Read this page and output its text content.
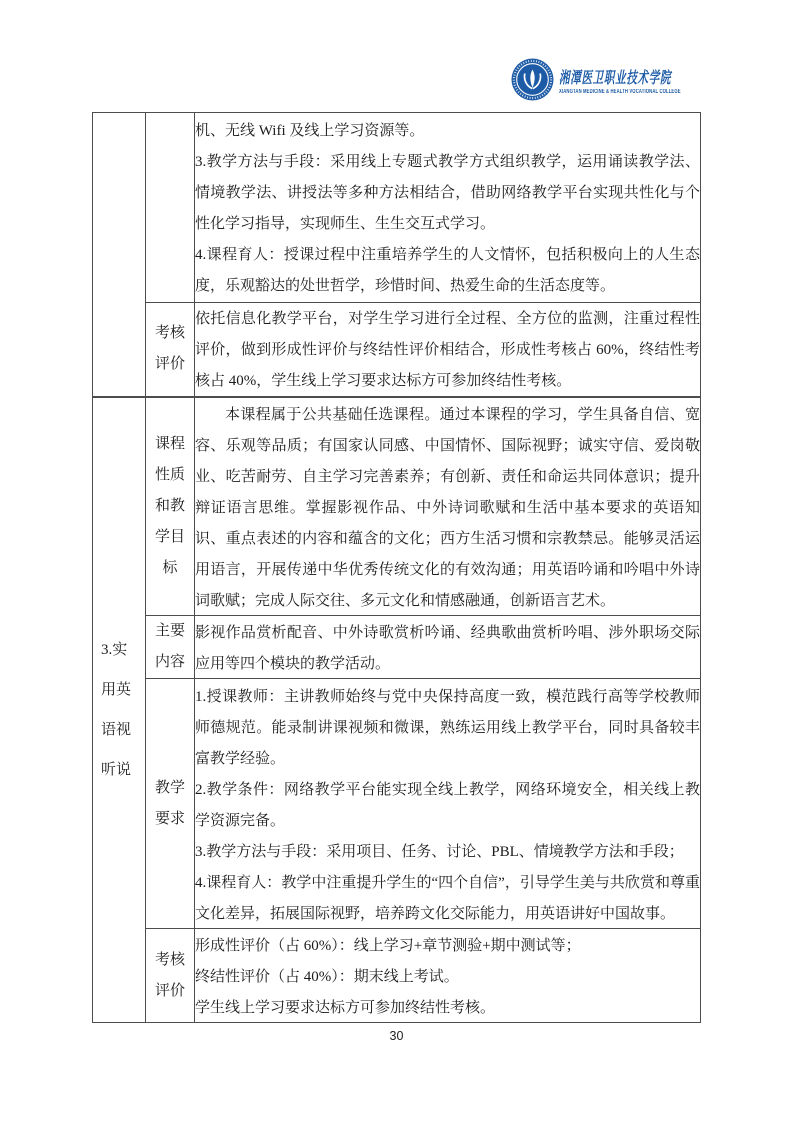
湘潭医卫职业技术学院
XIANGTAN MEDICINE & HEALTH VOCATIONAL COLLEGE

		机、无线 Wifi 及线上学习资源等。

3.教学方法与手段：采用线上专题式教学方式组织教学，运用诵读教学法、情境教学法、讲授法等多种方法相结合，借助网络教学平台实现共性化与个性化学习指导，实现师生、生生交互式学习。

4.课程育人：授课过程中注重培养学生的人文情怀，包括积极向上的人生态度，乐观豁达的处世哲学，珍惜时间、热爱生命的生活态度等。

	考核评价	依托信息化教学平台，对学生学习进行全过程、全方位的监测，注重过程性评价，做到形成性评价与终结性评价相结合，形成性考核占 60%，终结性考核占 40%，学生线上学习要求达标方可参加终结性考核。

3.实用英语视听说	课程性质和教学目标	本课程属于公共基础任选课程。通过本课程的学习，学生具备自信、宽容、乐观等品质；有国家认同感、中国情怀、国际视野；诚实守信、爱岗敬业、吃苦耐劳、自主学习完善素养；有创新、责任和命运共同体意识；提升辩证语言思维。掌握影视作品、中外诗词歌赋和生活中基本要求的英语知识、重点表述的内容和蕴含的文化；西方生活习惯和宗教禁忌。能够灵活运用语言，开展传递中华优秀传统文化的有效沟通；用英语吟诵和吟唱中外诗词歌赋；完成人际交往、多元文化和情感融通，创新语言艺术。

	主要内容	影视作品赏析配音、中外诗歌赏析吟诵、经典歌曲赏析吟唱、涉外职场交际应用等四个模块的教学活动。

	教学要求	1.授课教师：主讲教师始终与党中央保持高度一致，模范践行高等学校教师师德规范。能录制讲课视频和微课，熟练运用线上教学平台，同时具备较丰富教学经验。

2.教学条件：网络教学平台能实现全线上教学，网络环境安全，相关线上教学资源完备。

3.教学方法与手段：采用项目、任务、讨论、PBL、情境教学方法和手段；

4.课程育人：教学中注重提升学生的“四个自信”，引导学生美与共欣赏和尊重文化差异，拓展国际视野，培养跨文化交际能力，用英语讲好中国故事。

	考核评价	形成性评价（占 60%）：线上学习+章节测验+期中测试等；

终结性评价（占 40%）：期末线上考试。

学生线上学习要求达标方可参加终结性考核。

30
